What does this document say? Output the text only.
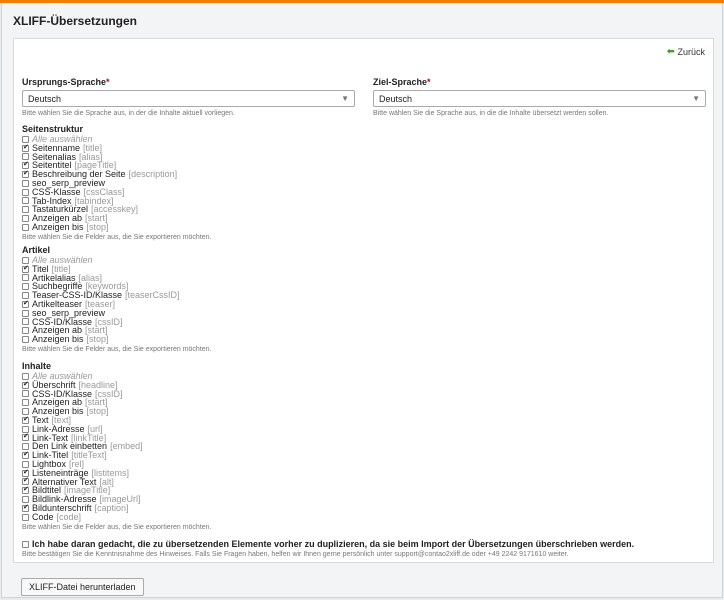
XLIFF-Übersetzungen
⬅ Zurück
Ursprungs-Sprache*
Deutsch	▼
Bitte wählen Sie die Sprache aus, in der die Inhalte aktuell vorliegen.
Ziel-Sprache*
Deutsch	▼
Bitte wählen Sie die Sprache aus, in die die Inhalte übersetzt werden sollen.
Seitenstruktur
Alle auswählen
✔
Seitenname [title]
Seitenalias [alias]
✔
Seitentitel [pageTitle]
✔
Beschreibung der Seite [description]
seo_serp_preview
CSS-Klasse [cssClass]
Tab-Index [tabindex]
Tastaturkürzel [accesskey]
Anzeigen ab [start]
Anzeigen bis [stop]
Bitte wählen Sie die Felder aus, die Sie exportieren möchten.
Artikel
Alle auswählen
✔
Titel [title]
Artikelalias [alias]
Suchbegriffe [keywords]
Teaser-CSS-ID/Klasse [teaserCssID]
✔
Artikelteaser [teaser]
seo_serp_preview
CSS-ID/Klasse [cssID]
Anzeigen ab [start]
Anzeigen bis [stop]
Bitte wählen Sie die Felder aus, die Sie exportieren möchten.
Inhalte
Alle auswählen
✔
Überschrift [headline]
CSS-ID/Klasse [cssID]
Anzeigen ab [start]
Anzeigen bis [stop]
✔
Text [text]
Link-Adresse [url]
✔
Link-Text [linkTitle]
Den Link einbetten [embed]
✔
Link-Titel [titleText]
Lightbox [rel]
✔
Listeneinträge [listitems]
✔
Alternativer Text [alt]
✔
Bildtitel [imageTitle]
Bildlink-Adresse [imageUrl]
✔
Bildunterschrift [caption]
Code [code]
Bitte wählen Sie die Felder aus, die Sie exportieren möchten.
Ich habe daran gedacht, die zu übersetzenden Elemente vorher zu duplizieren, da sie beim Import der Übersetzungen überschrieben werden.
Bitte bestätigen Sie die Kenntnisnahme des Hinweises. Falls Sie Fragen haben, helfen wir Ihnen gerne persönlich unter support@contao2xliff.de oder +49 2242 9171610 weiter.
XLIFF-Datei herunterladen
